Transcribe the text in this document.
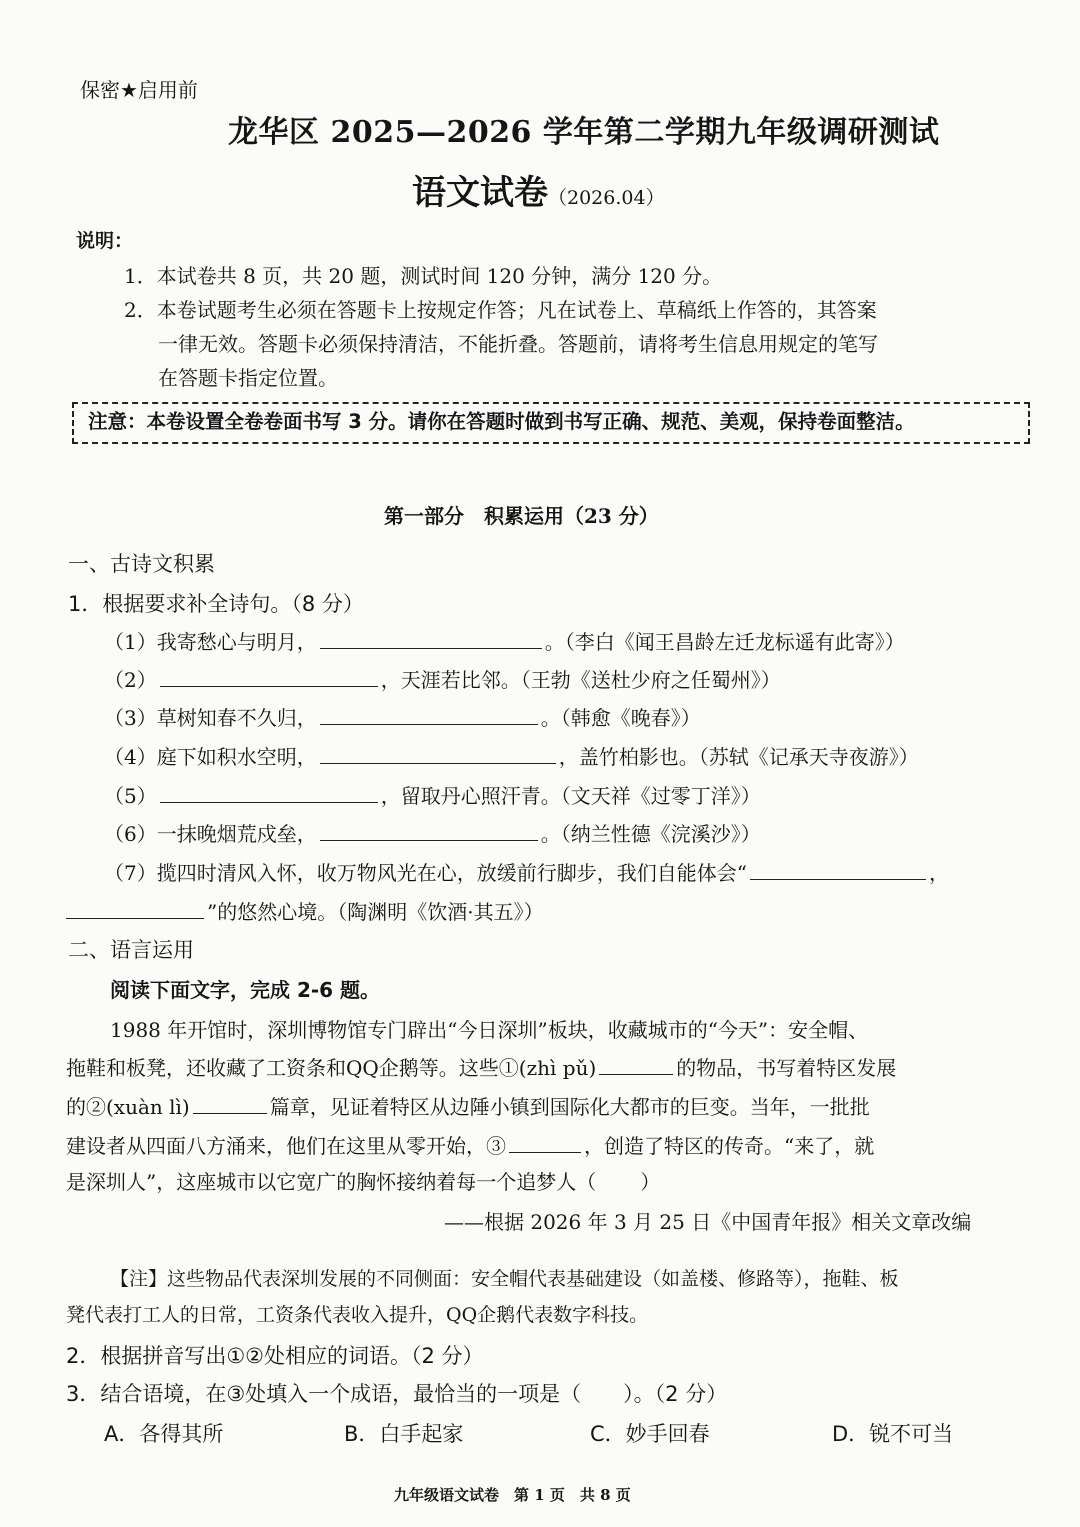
保密★启用前
龙华区 2025—2026 学年第二学期九年级调研测试
语文试卷（2026.04）
说明：
1．本试卷共 8 页，共 20 题，测试时间 120 分钟，满分 120 分。
2．本卷试题考生必须在答题卡上按规定作答；凡在试卷上、草稿纸上作答的，其答案
一律无效。答题卡必须保持清洁，不能折叠。答题前，请将考生信息用规定的笔写
在答题卡指定位置。
注意：本卷设置全卷卷面书写 3 分。请你在答题时做到书写正确、规范、美观，保持卷面整洁。
第一部分　积累运用（23 分）
一、古诗文积累
1．根据要求补全诗句。（8 分）
（1）我寄愁心与明月，	。（李白《闻王昌龄左迁龙标遥有此寄》）
（2）	，天涯若比邻。（王勃《送杜少府之任蜀州》）
（3）草树知春不久归，	。（韩愈《晚春》）
（4）庭下如积水空明，	，盖竹柏影也。（苏轼《记承天寺夜游》）
（5）	，留取丹心照汗青。（文天祥《过零丁洋》）
（6）一抹晚烟荒戍垒，	。（纳兰性德《浣溪沙》）
（7）揽四时清风入怀，收万物风光在心，放缓前行脚步，我们自能体会“	，
”的悠然心境。（陶渊明《饮酒·其五》）
二、语言运用
阅读下面文字，完成 2-6 题。
1988 年开馆时，深圳博物馆专门辟出“今日深圳”板块，收藏城市的“今天”：安全帽、
拖鞋和板凳，还收藏了工资条和QQ企鹅等。这些①(zhì pǔ)	的物品，书写着特区发展
的②(xuàn lì)	篇章，见证着特区从边陲小镇到国际化大都市的巨变。当年，一批批
建设者从四面八方涌来，他们在这里从零开始，③	，创造了特区的传奇。“来了，就
是深圳人”，这座城市以它宽广的胸怀接纳着每一个追梦人（ ）
——根据 2026 年 3 月 25 日《中国青年报》相关文章改编
【注】这些物品代表深圳发展的不同侧面：安全帽代表基础建设（如盖楼、修路等），拖鞋、板
凳代表打工人的日常，工资条代表收入提升，QQ企鹅代表数字科技。
2．根据拼音写出①②处相应的词语。（2 分）
3．结合语境，在③处填入一个成语，最恰当的一项是（　　）。（2 分）
A．各得其所	B．白手起家	C．妙手回春	D．锐不可当
九年级语文试卷　第 1 页　共 8 页
